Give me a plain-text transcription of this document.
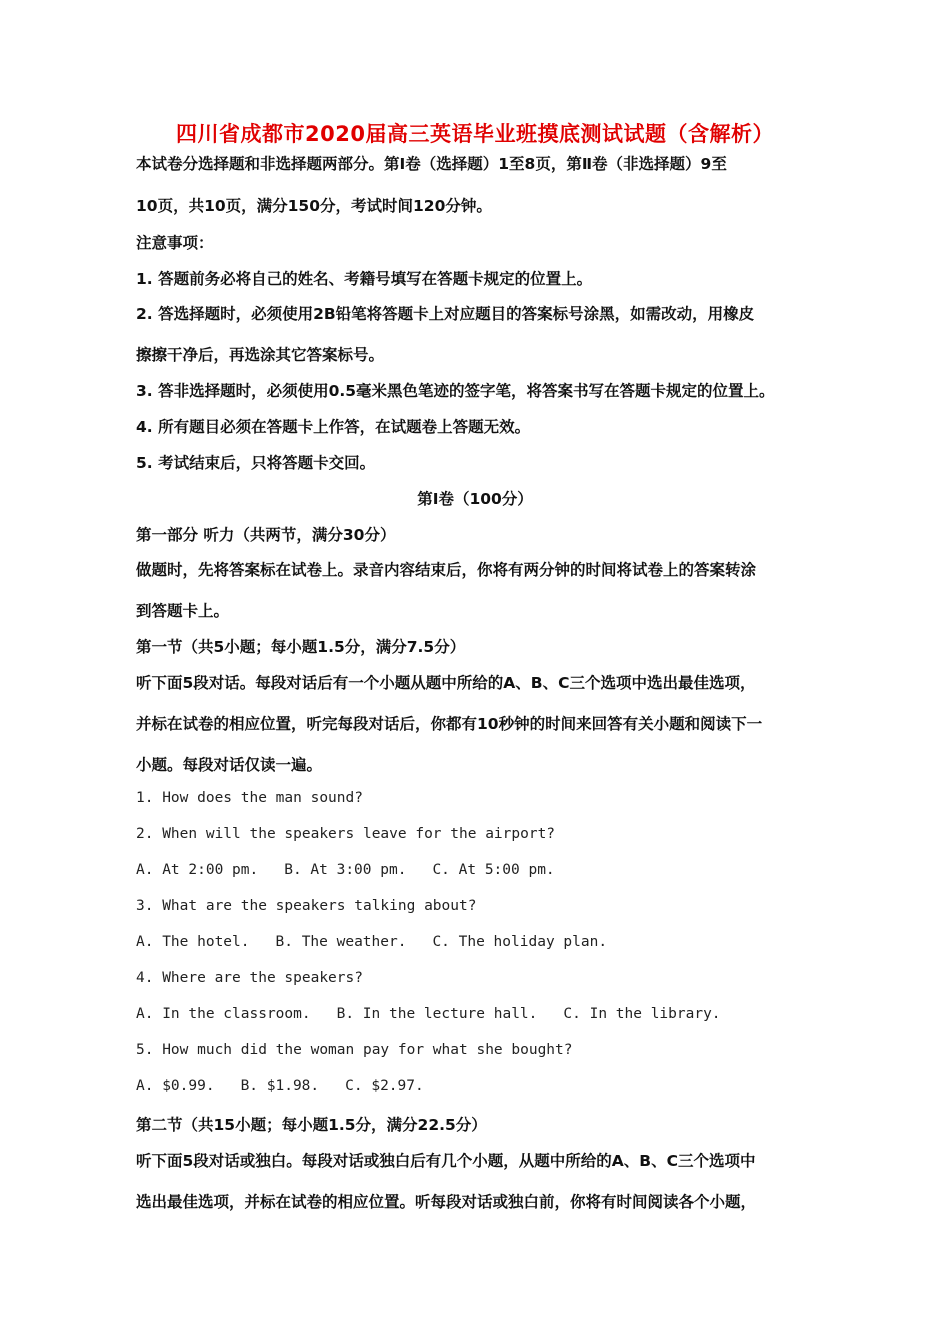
四川省成都市2020届高三英语毕业班摸底测试试题（含解析）
本试卷分选择题和非选择题两部分。第Ⅰ卷（选择题）1至8页，第Ⅱ卷（非选择题）9至
10页，共10页，满分150分，考试时间120分钟。
注意事项：
1. 答题前务必将自己的姓名、考籍号填写在答题卡规定的位置上。
2. 答选择题时，必须使用2B铅笔将答题卡上对应题目的答案标号涂黑，如需改动，用橡皮
擦擦干净后，再选涂其它答案标号。
3. 答非选择题时，必须使用0.5毫米黑色笔迹的签字笔，将答案书写在答题卡规定的位置上。
4. 所有题目必须在答题卡上作答，在试题卷上答题无效。
5. 考试结束后，只将答题卡交回。
第Ⅰ卷（100分）
第一部分 听力（共两节，满分30分）
做题时，先将答案标在试卷上。录音内容结束后，你将有两分钟的时间将试卷上的答案转涂
到答题卡上。
第一节（共5小题；每小题1.5分，满分7.5分）
听下面5段对话。每段对话后有一个小题从题中所给的A、B、C三个选项中选出最佳选项，
并标在试卷的相应位置，听完每段对话后，你都有10秒钟的时间来回答有关小题和阅读下一
小题。每段对话仅读一遍。
1. How does the man sound?
2. When will the speakers leave for the airport?
A. At 2:00 pm. B. At 3:00 pm. C. At 5:00 pm.
3. What are the speakers talking about?
A. The hotel. B. The weather. C. The holiday plan.
4. Where are the speakers?
A. In the classroom. B. In the lecture hall. C. In the library.
5. How much did the woman pay for what she bought?
A. $0.99. B. $1.98. C. $2.97.
第二节（共15小题；每小题1.5分，满分22.5分）
听下面5段对话或独白。每段对话或独白后有几个小题，从题中所给的A、B、C三个选项中
选出最佳选项，并标在试卷的相应位置。听每段对话或独白前，你将有时间阅读各个小题，
